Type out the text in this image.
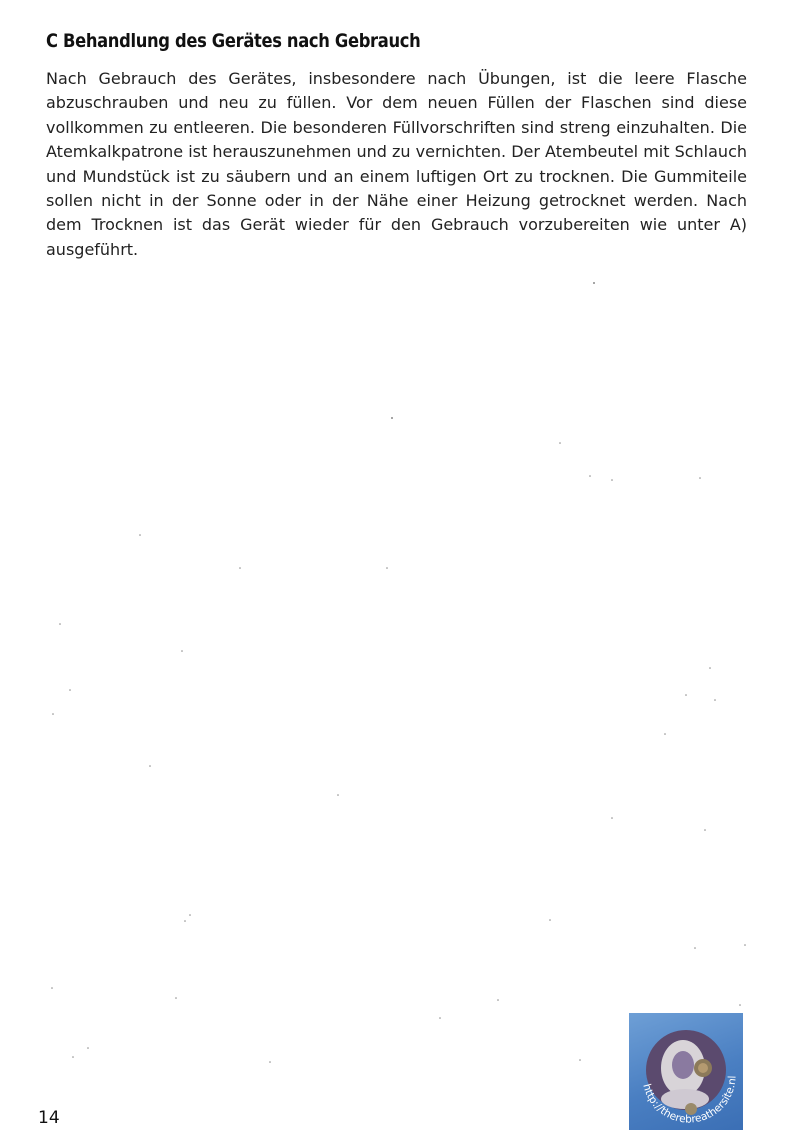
C Behandlung des Gerätes nach Gebrauch

Nach Gebrauch des Gerätes, insbesondere nach Übungen, ist die leere Flasche abzuschrauben und neu zu füllen. Vor dem neuen Füllen der Flaschen sind diese vollkommen zu entleeren. Die besonderen Füllvorschriften sind streng einzuhalten. Die Atemkalkpatrone ist herauszunehmen und zu vernichten. Der Atembeutel mit Schlauch und Mundstück ist zu säubern und an einem luftigen Ort zu trocknen. Die Gummiteile sollen nicht in der Sonne oder in der Nähe einer Heizung getrocknet werden. Nach dem Trocknen ist das Gerät wieder für den Gebrauch vorzubereiten wie unter A) ausgeführt.

http://therebreathersite.nl
14
